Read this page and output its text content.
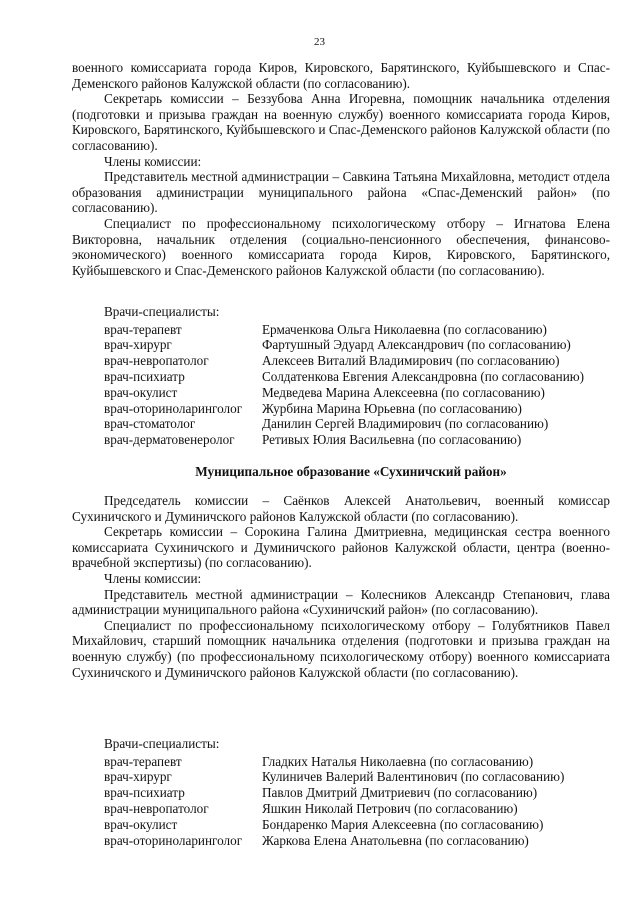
23

военного комиссариата города Киров, Кировского, Барятинского, Куйбышевского и Спас-Деменского районов Калужской области (по согласованию).

Секретарь комиссии – Беззубова Анна Игоревна, помощник начальника отделения (подготовки и призыва граждан на военную службу) военного комиссариата города Киров, Кировского, Барятинского, Куйбышевского и Спас-Деменского районов Калужской области (по согласованию).

Члены комиссии:

Представитель местной администрации – Савкина Татьяна Михайловна, методист отдела образования администрации муниципального района «Спас-Деменский район» (по согласованию).

Специалист по профессиональному психологическому отбору – Игнатова Елена Викторовна, начальник отделения (социально-пенсионного обеспечения, финансово-экономического) военного комиссариата города Киров, Кировского, Барятинского, Куйбышевского и Спас-Деменского районов Калужской области (по согласованию).

Врачи-специалисты:

врач-терапевт	Ермаченкова Ольга Николаевна (по согласованию)
врач-хирург	Фартушный Эдуард Александрович (по согласованию)
врач-невропатолог	Алексеев Виталий Владимирович (по согласованию)
врач-психиатр	Солдатенкова Евгения Александровна (по согласованию)
врач-окулист	Медведева Марина Алексеевна (по согласованию)
врач-оториноларинголог	Журбина Марина Юрьевна (по согласованию)
врач-стоматолог	Данилин Сергей Владимирович (по согласованию)
врач-дерматовенеролог	Ретивых Юлия Васильевна (по согласованию)

Муниципальное образование «Сухиничский район»

Председатель комиссии – Саёнков Алексей Анатольевич, военный комиссар Сухиничского и Думиничского районов Калужской области (по согласованию).

Секретарь комиссии – Сорокина Галина Дмитриевна, медицинская сестра военного комиссариата Сухиничского и Думиничского районов Калужской области, центра (военно-врачебной экспертизы) (по согласованию).

Члены комиссии:

Представитель местной администрации – Колесников Александр Степанович, глава администрации муниципального района «Сухиничский район» (по согласованию).

Специалист по профессиональному психологическому отбору – Голубятников Павел Михайлович, старший помощник начальника отделения (подготовки и призыва граждан на военную службу) (по профессиональному психологическому отбору) военного комиссариата Сухиничского и Думиничского районов Калужской области (по согласованию).

Врачи-специалисты:

врач-терапевт	Гладких Наталья Николаевна (по согласованию)
врач-хирург	Кулиничев Валерий Валентинович (по согласованию)
врач-психиатр	Павлов Дмитрий Дмитриевич (по согласованию)
врач-невропатолог	Яшкин Николай Петрович (по согласованию)
врач-окулист	Бондаренко Мария Алексеевна (по согласованию)
врач-оториноларинголог	Жаркова Елена Анатольевна (по согласованию)
